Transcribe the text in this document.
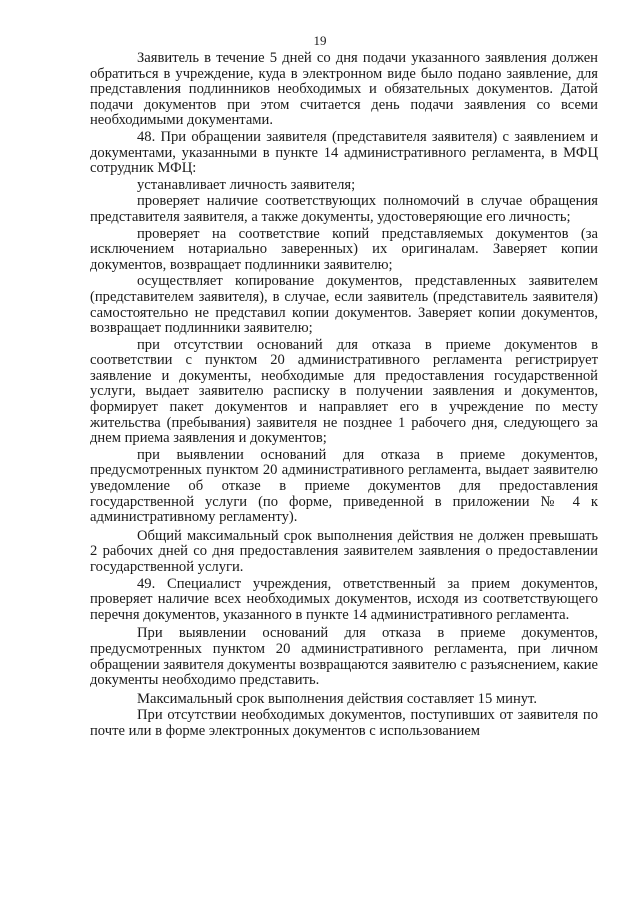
19

Заявитель в течение 5 дней со дня подачи указанного заявления должен обратиться в учреждение, куда в электронном виде было подано заявление, для представления подлинников необходимых и обязательных документов. Датой подачи документов при этом считается день подачи заявления со всеми необходимыми документами.

48. При обращении заявителя (представителя заявителя) с заявлением и документами, указанными в пункте 14 административного регламента, в МФЦ сотрудник МФЦ:

устанавливает личность заявителя;

проверяет наличие соответствующих полномочий в случае обращения представителя заявителя, а также документы, удостоверяющие его личность;

проверяет на соответствие копий представляемых документов (за исключением нотариально заверенных) их оригиналам. Заверяет копии документов, возвращает подлинники заявителю;

осуществляет копирование документов, представленных заявителем (представителем заявителя), в случае, если заявитель (представитель заявителя) самостоятельно не представил копии документов. Заверяет копии документов, возвращает подлинники заявителю;

при отсутствии оснований для отказа в приеме документов в соответствии с пунктом 20 административного регламента регистрирует заявление и документы, необходимые для предоставления государственной услуги, выдает заявителю расписку в получении заявления и документов, формирует пакет документов и направляет его в учреждение по месту жительства (пребывания) заявителя не позднее 1 рабочего дня, следующего за днем приема заявления и документов;

при выявлении оснований для отказа в приеме документов, предусмотренных пунктом 20 административного регламента, выдает заявителю уведомление об отказе в приеме документов для предоставления государственной услуги (по форме, приведенной в приложении № 4 к административному регламенту).

Общий максимальный срок выполнения действия не должен превышать 2 рабочих дней со дня предоставления заявителем заявления о предоставлении государственной услуги.

49. Специалист учреждения, ответственный за прием документов, проверяет наличие всех необходимых документов, исходя из соответствующего перечня документов, указанного в пункте 14 административного регламента.

При выявлении оснований для отказа в приеме документов, предусмотренных пунктом 20 административного регламента, при личном обращении заявителя документы возвращаются заявителю с разъяснением, какие документы необходимо представить.

Максимальный срок выполнения действия составляет 15 минут.

При отсутствии необходимых документов, поступивших от заявителя по почте или в форме электронных документов с использованием
